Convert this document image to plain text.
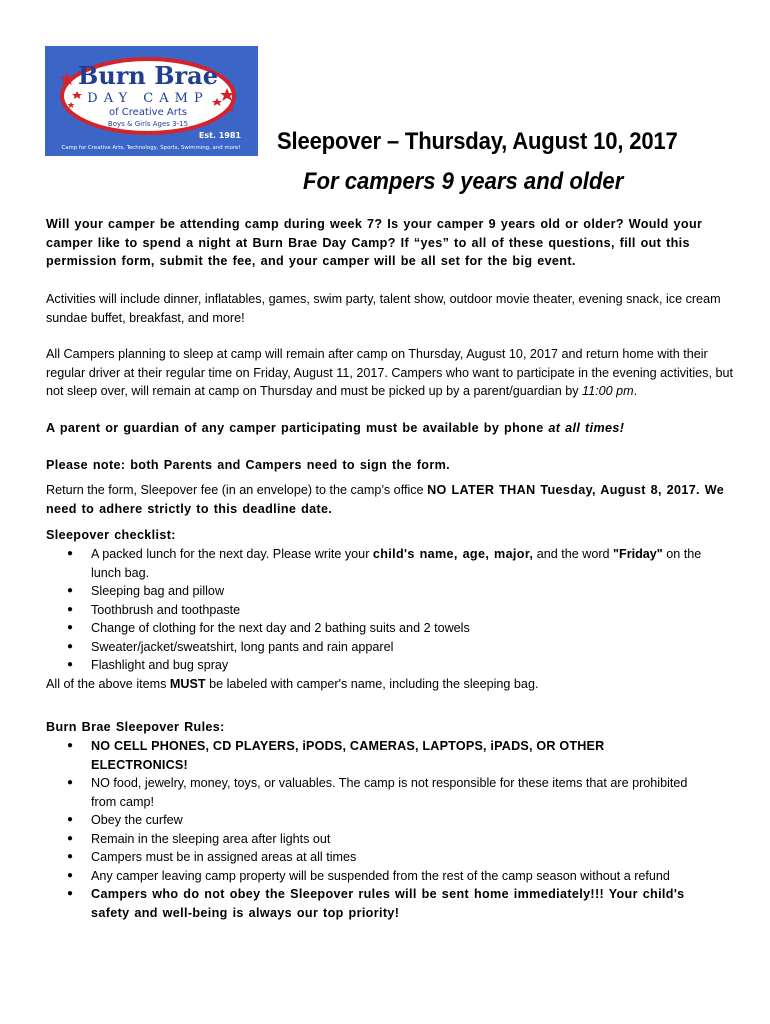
Burn Brae
DAY CAMP
of Creative Arts
Boys & Girls Ages 3-15
Est. 1981
Camp for Creative Arts, Technology, Sports, Swimming, and more! Sleepover – Thursday, August 10, 2017
For campers 9 years and older
Will your camper be attending camp during week 7? Is your camper 9 years old or older? Would your camper like to spend a night at Burn Brae Day Camp? If “yes” to all of these questions, fill out this permission form, submit the fee, and your camper will be all set for the big event.
Activities will include dinner, inflatables, games, swim party, talent show, outdoor movie theater, evening snack, ice cream sundae buffet, breakfast, and more!
All Campers planning to sleep at camp will remain after camp on Thursday, August 10, 2017 and return home with their regular driver at their regular time on Friday, August 11, 2017. Campers who want to participate in the evening activities, but not sleep over, will remain at camp on Thursday and must be picked up by a parent/guardian by 11:00 pm.
A parent or guardian of any camper participating must be available by phone at all times!
Please note: both Parents and Campers need to sign the form.
Return the form, Sleepover fee (in an envelope) to the camp’s office NO LATER THAN Tuesday, August 8, 2017. We need to adhere strictly to this deadline date.
Sleepover checklist:
●	A packed lunch for the next day. Please write your child's name, age, major, and the word "Friday" on the lunch bag.
●	Sleeping bag and pillow
●	Toothbrush and toothpaste
●	Change of clothing for the next day and 2 bathing suits and 2 towels
●	Sweater/jacket/sweatshirt, long pants and rain apparel
●	Flashlight and bug spray
All of the above items MUST be labeled with camper's name, including the sleeping bag.
Burn Brae Sleepover Rules:
●	NO CELL PHONES, CD PLAYERS, iPODS, CAMERAS, LAPTOPS, iPADS, OR OTHER ELECTRONICS!
●	NO food, jewelry, money, toys, or valuables. The camp is not responsible for these items that are prohibited from camp!
●	Obey the curfew
●	Remain in the sleeping area after lights out
●	Campers must be in assigned areas at all times
●	Any camper leaving camp property will be suspended from the rest of the camp season without a refund
●	Campers who do not obey the Sleepover rules will be sent home immediately!!! Your child's safety and well-being is always our top priority!
